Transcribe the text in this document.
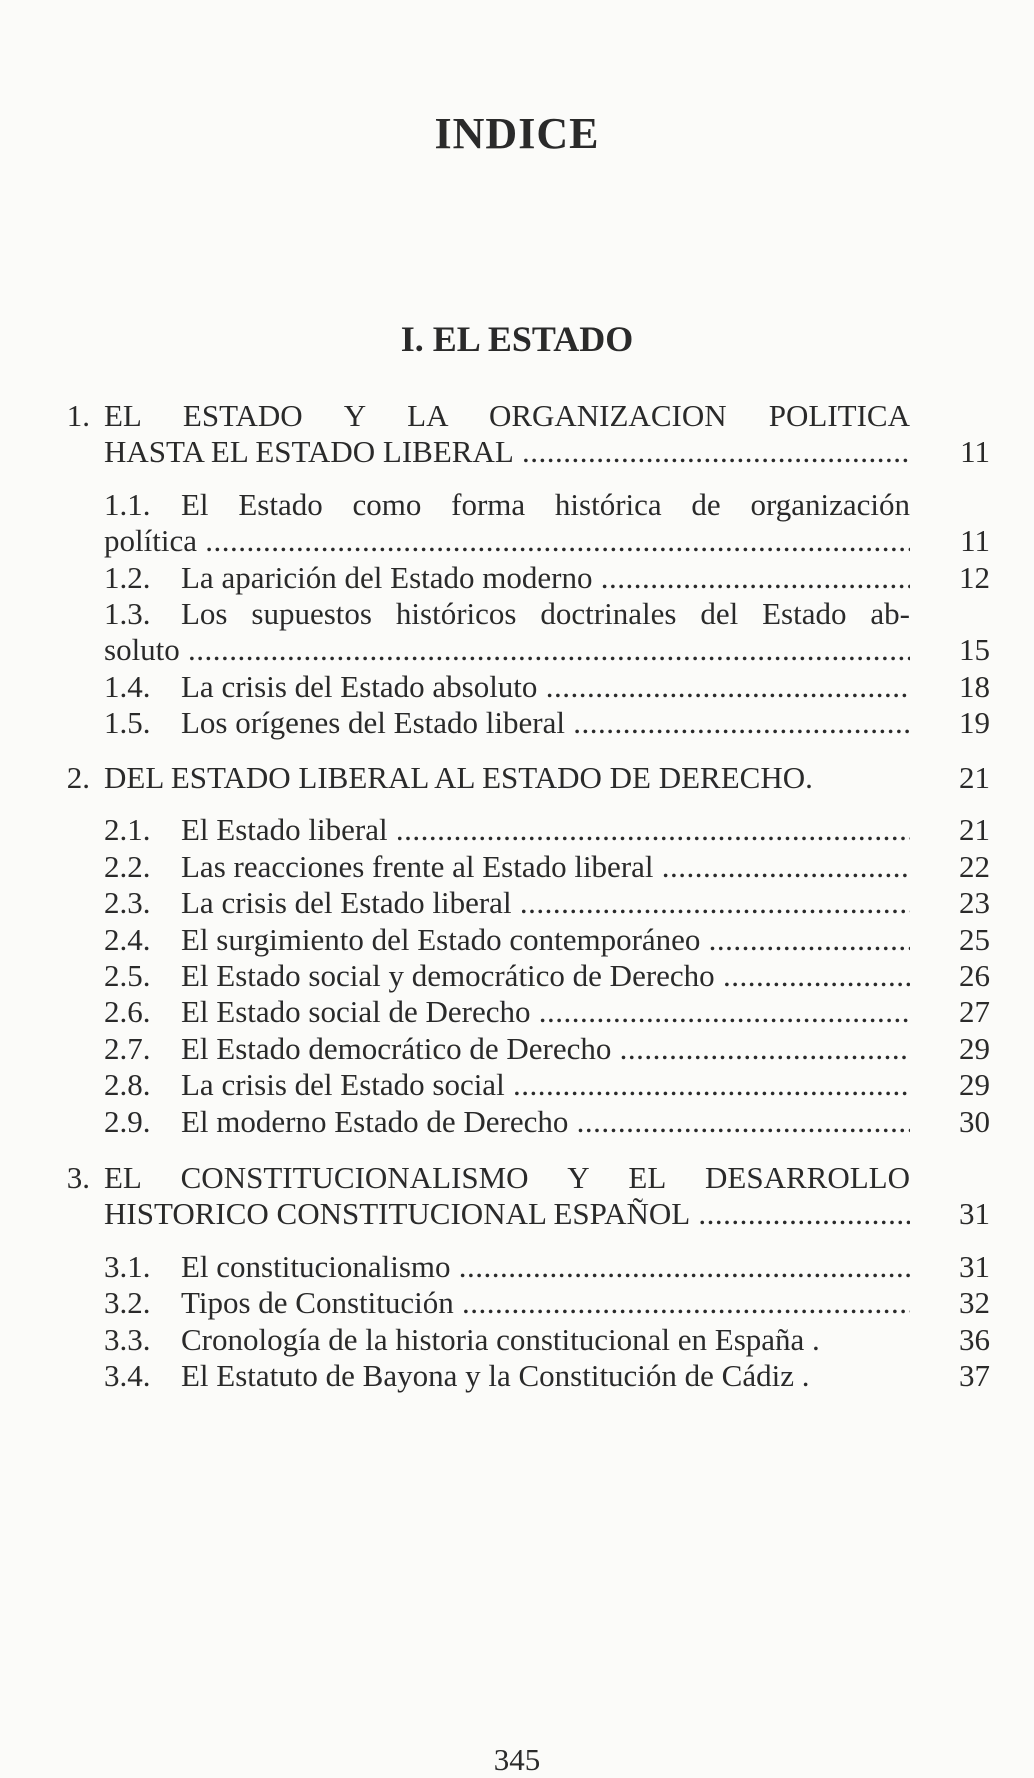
INDICE
I. EL ESTADO
1. EL ESTADO Y LA ORGANIZACION POLITICA
HASTA EL ESTADO LIBERAL .....	11
1.1. El Estado como forma histórica de organización
política .....	11
1.2. La aparición del Estado moderno .....	12
1.3. Los supuestos históricos doctrinales del Estado ab-
soluto .....	15
1.4. La crisis del Estado absoluto .....	18
1.5. Los orígenes del Estado liberal .....	19
2. DEL ESTADO LIBERAL AL ESTADO DE DERECHO.	21
2.1. El Estado liberal .....	21
2.2. Las reacciones frente al Estado liberal .....	22
2.3. La crisis del Estado liberal .....	23
2.4. El surgimiento del Estado contemporáneo .....	25
2.5. El Estado social y democrático de Derecho .....	26
2.6. El Estado social de Derecho .....	27
2.7. El Estado democrático de Derecho .....	29
2.8. La crisis del Estado social .....	29
2.9. El moderno Estado de Derecho .....	30
3. EL CONSTITUCIONALISMO Y EL DESARROLLO
HISTORICO CONSTITUCIONAL ESPAÑOL .....	31
3.1. El constitucionalismo .....	31
3.2. Tipos de Constitución .....	32
3.3. Cronología de la historia constitucional en España .	36
3.4. El Estatuto de Bayona y la Constitución de Cádiz .	37
345
